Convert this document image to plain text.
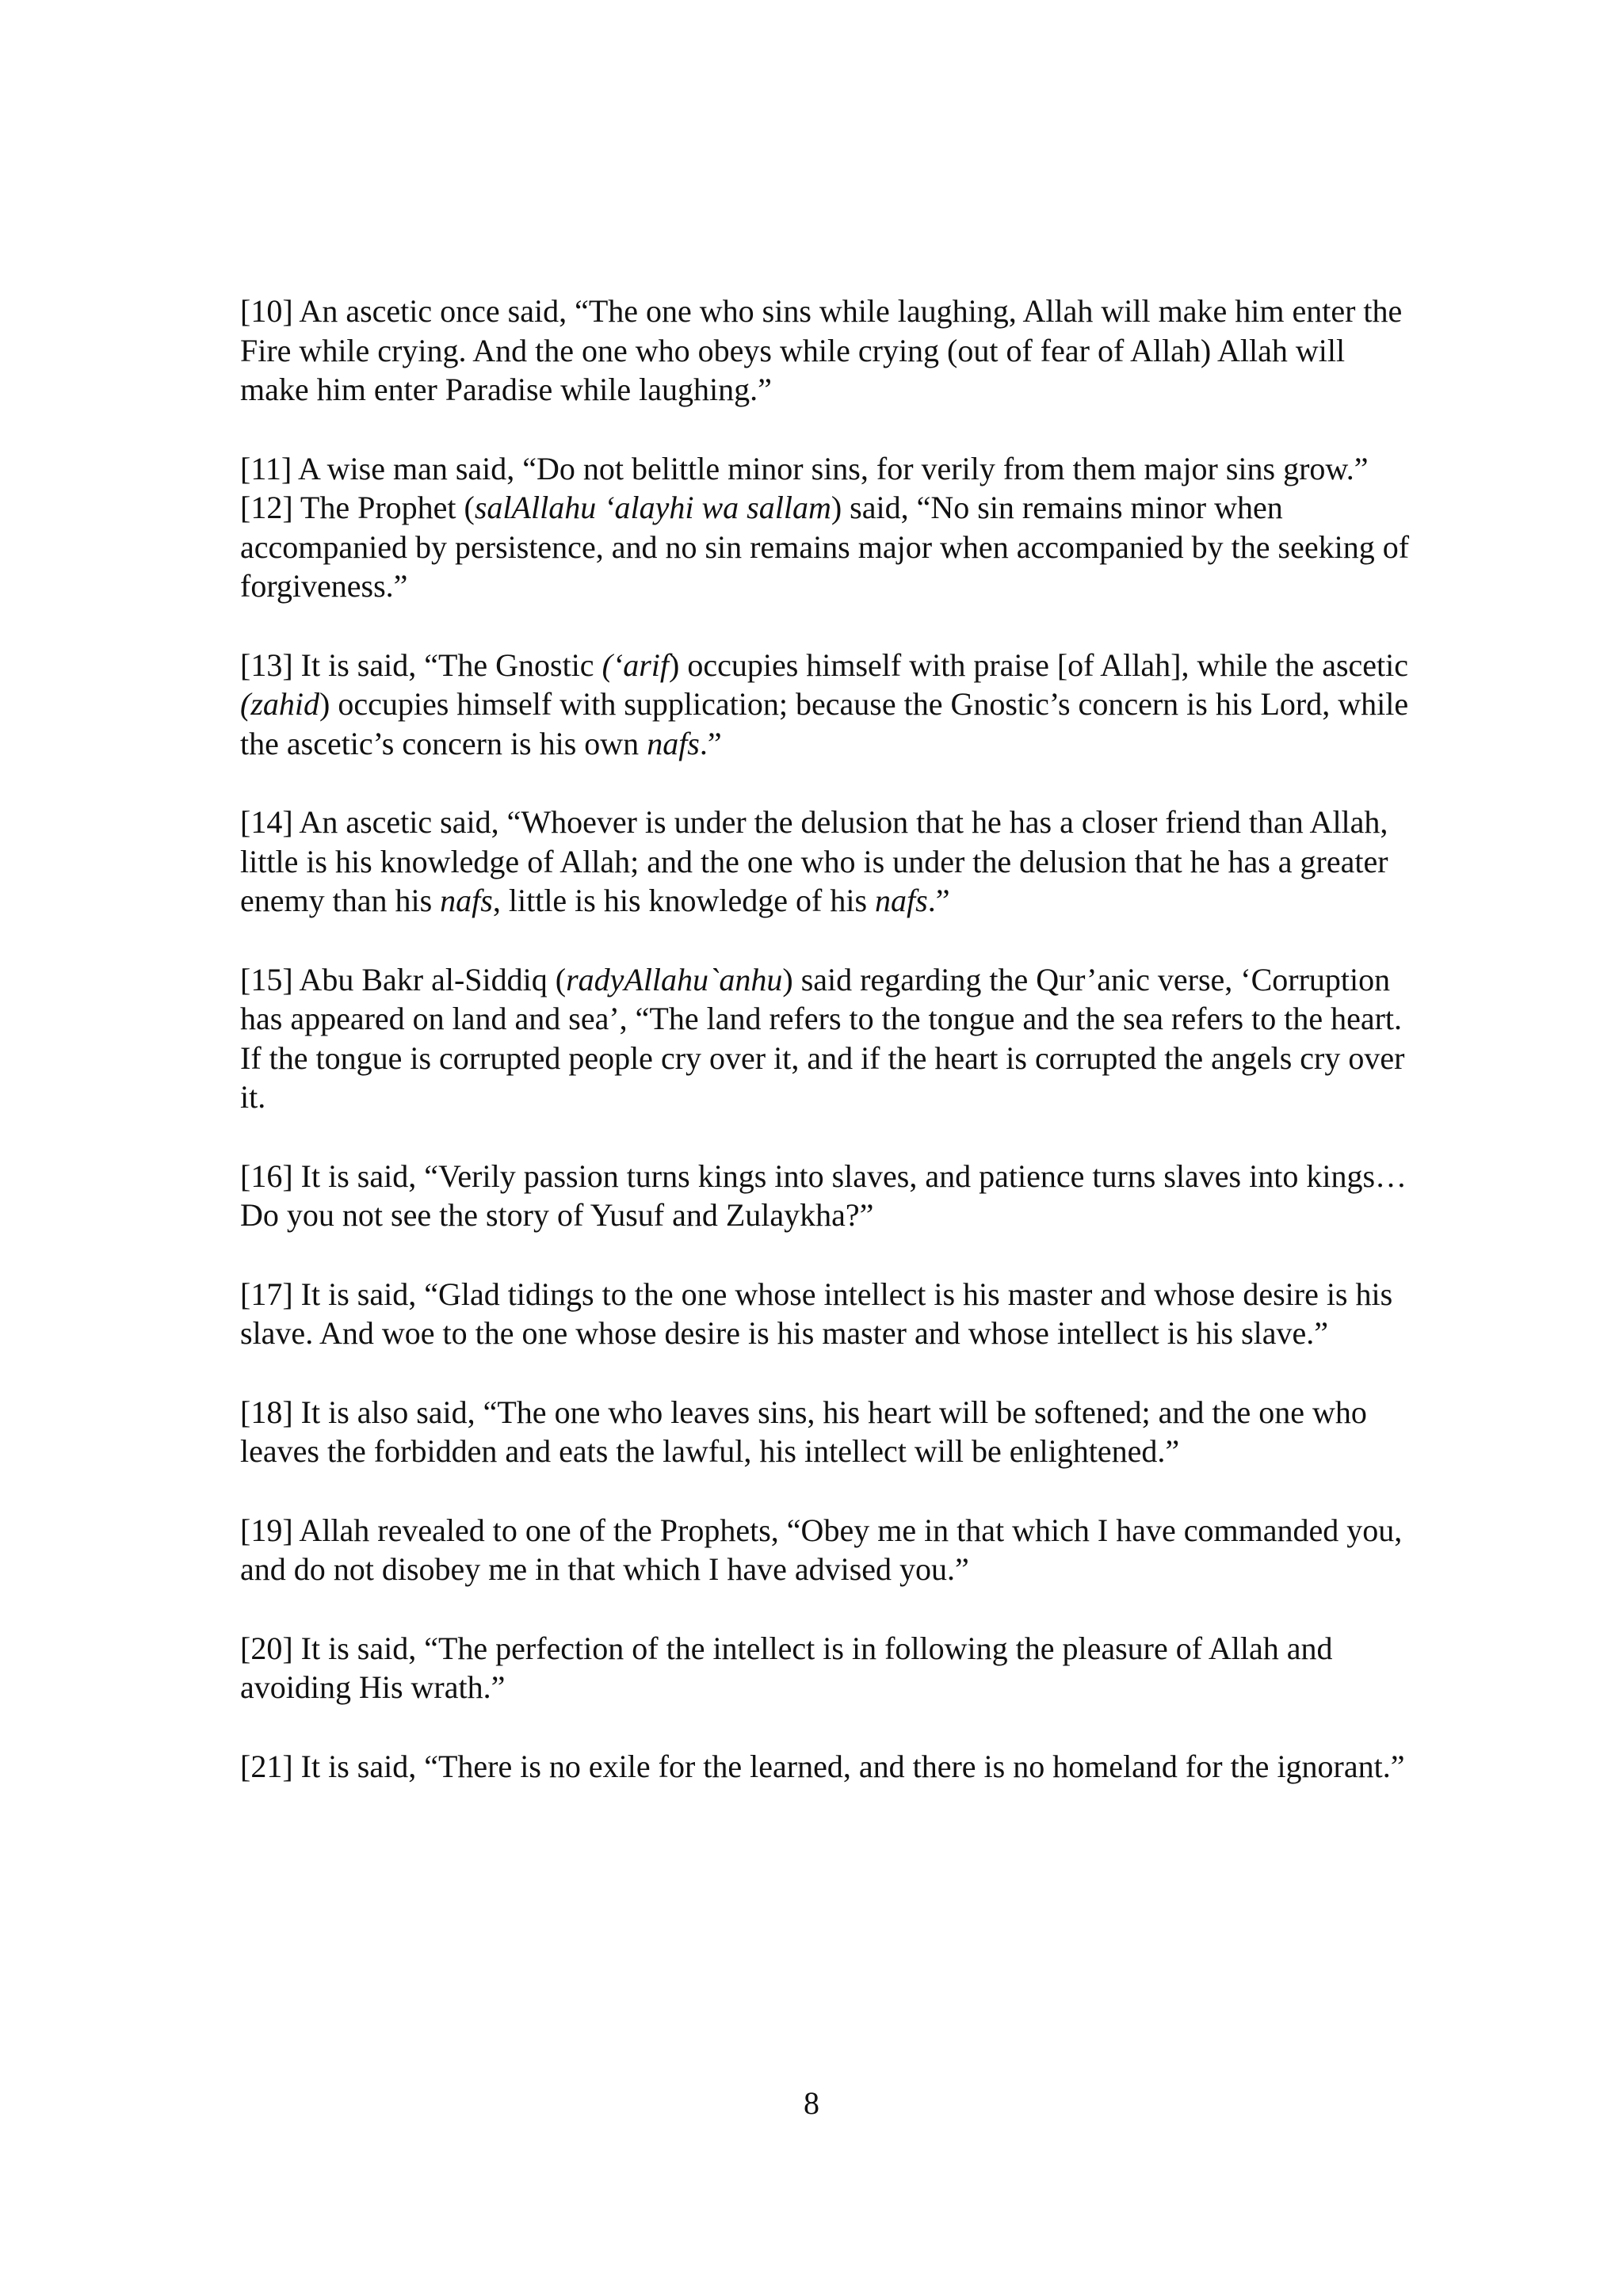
[10] An ascetic once said, “The one who sins while laughing, Allah will make him enter the Fire while crying. And the one who obeys while crying (out of fear of Allah) Allah will make him enter Paradise while laughing.”

[11] A wise man said, “Do not belittle minor sins, for verily from them major sins grow.”

[12] The Prophet (salAllahu ʻalayhi wa sallam) said, “No sin remains minor when accompanied by persistence, and no sin remains major when accompanied by the seeking of forgiveness.”

[13] It is said, “The Gnostic (ʻarif) occupies himself with praise [of Allah], while the ascetic (zahid) occupies himself with supplication; because the Gnostic’s concern is his Lord, while the ascetic’s concern is his own nafs.”

[14] An ascetic said, “Whoever is under the delusion that he has a closer friend than Allah, little is his knowledge of Allah; and the one who is under the delusion that he has a greater enemy than his nafs, little is his knowledge of his nafs.”

[15] Abu Bakr al-Siddiq (radyAllahu`anhu) said regarding the Qur’anic verse, ‘Corruption has appeared on land and sea’, “The land refers to the tongue and the sea refers to the heart. If the tongue is corrupted people cry over it, and if the heart is corrupted the angels cry over it.

[16] It is said, “Verily passion turns kings into slaves, and patience turns slaves into kings… Do you not see the story of Yusuf and Zulaykha?”

[17] It is said, “Glad tidings to the one whose intellect is his master and whose desire is his slave. And woe to the one whose desire is his master and whose intellect is his slave.”

[18] It is also said, “The one who leaves sins, his heart will be softened; and the one who leaves the forbidden and eats the lawful, his intellect will be enlightened.”

[19] Allah revealed to one of the Prophets, “Obey me in that which I have commanded you, and do not disobey me in that which I have advised you.”

[20] It is said, “The perfection of the intellect is in following the pleasure of Allah and avoiding His wrath.”

[21] It is said, “There is no exile for the learned, and there is no homeland for the ignorant.”

8
